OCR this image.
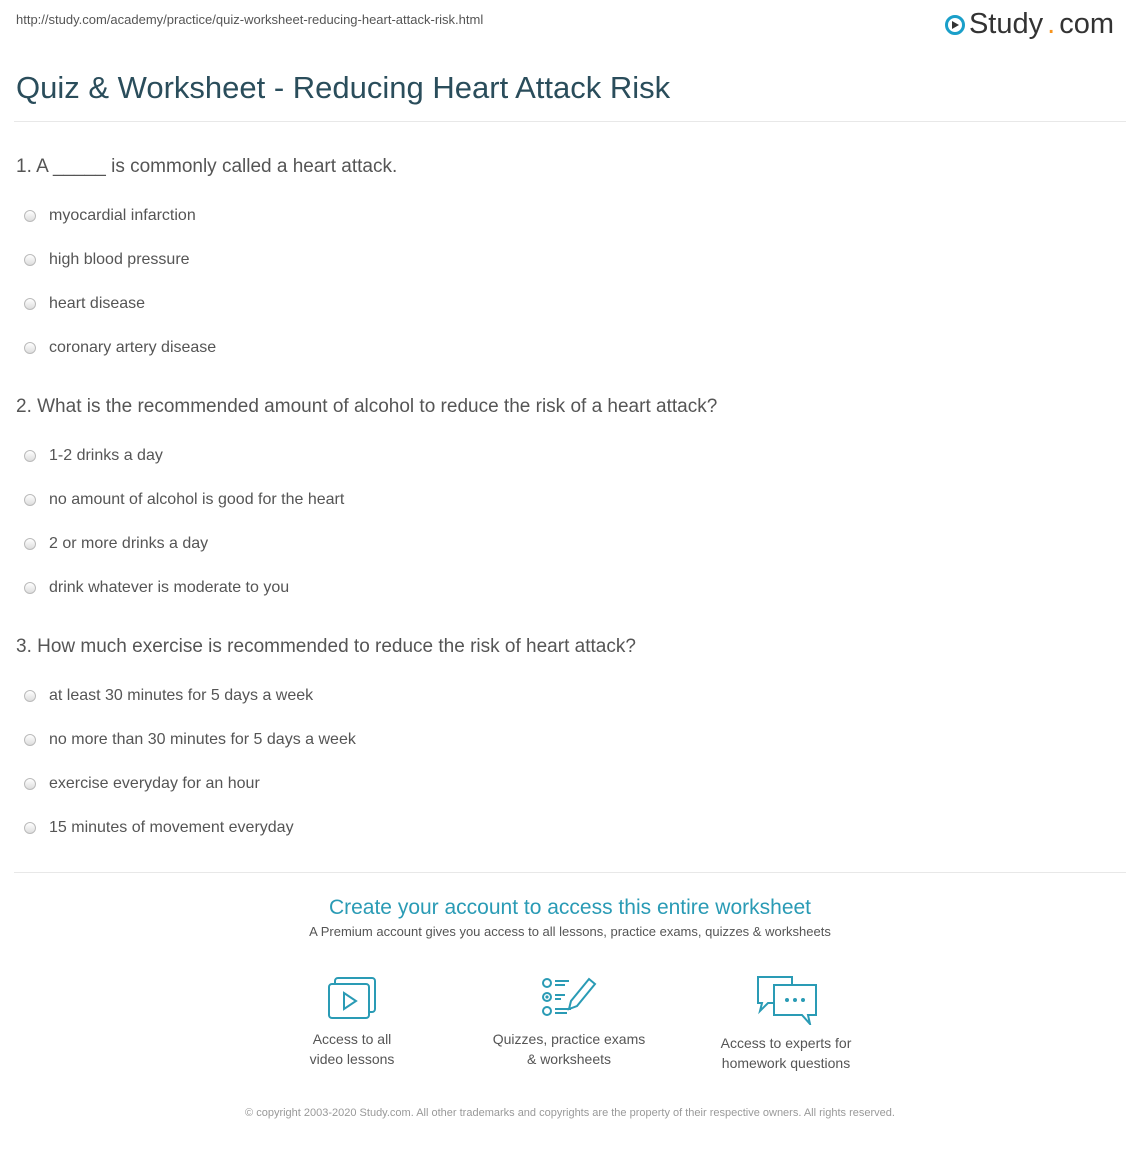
http://study.com/academy/practice/quiz-worksheet-reducing-heart-attack-risk.html	Study . com
Quiz & Worksheet - Reducing Heart Attack Risk
1. A _____ is commonly called a heart attack.
myocardial infarction
high blood pressure
heart disease
coronary artery disease
2. What is the recommended amount of alcohol to reduce the risk of a heart attack?
1-2 drinks a day
no amount of alcohol is good for the heart
2 or more drinks a day
drink whatever is moderate to you
3. How much exercise is recommended to reduce the risk of heart attack?
at least 30 minutes for 5 days a week
no more than 30 minutes for 5 days a week
exercise everyday for an hour
15 minutes of movement everyday
Create your account to access this entire worksheet

A Premium account gives you access to all lessons, practice exams, quizzes & worksheets

Access to all
video lessons
Quizzes, practice exams
& worksheets
Access to experts for
homework questions
© copyright 2003-2020 Study.com. All other trademarks and copyrights are the property of their respective owners. All rights reserved.
